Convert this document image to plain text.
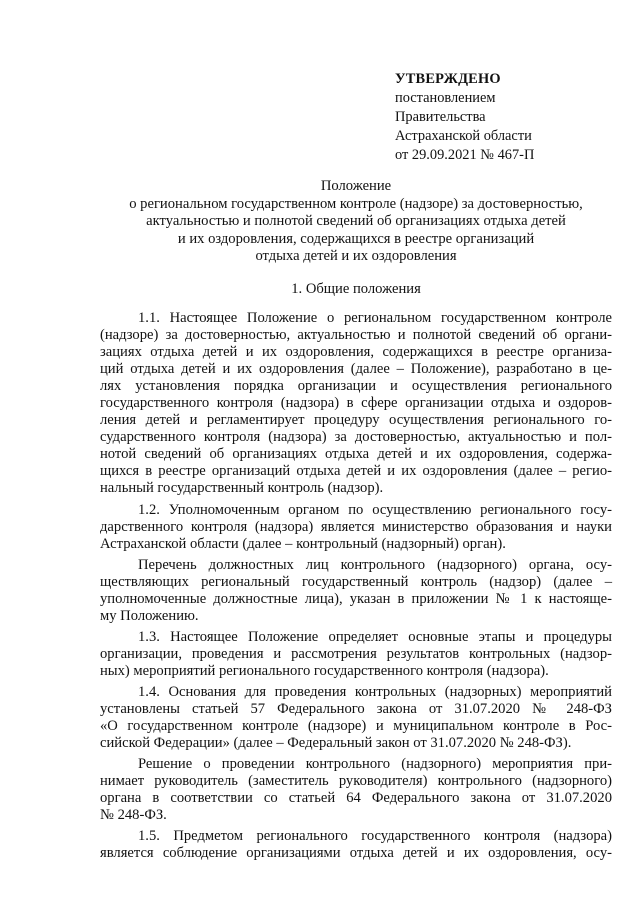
УТВЕРЖДЕНО
постановлением
Правительства
Астраханской области
от 29.09.2021 № 467-П
Положение
о региональном государственном контроле (надзоре) за достоверностью,
актуальностью и полнотой сведений об организациях отдыха детей
и их оздоровления, содержащихся в реестре организаций
отдыха детей и их оздоровления
1. Общие положения
1.1. Настоящее Положение о региональном государственном контроле
(надзоре) за достоверностью, актуальностью и полнотой сведений об органи-
зациях отдыха детей и их оздоровления, содержащихся в реестре организа-
ций отдыха детей и их оздоровления (далее – Положение), разработано в це-
лях установления порядка организации и осуществления регионального
государственного контроля (надзора) в сфере организации отдыха и оздоров-
ления детей и регламентирует процедуру осуществления регионального го-
сударственного контроля (надзора) за достоверностью, актуальностью и пол-
нотой сведений об организациях отдыха детей и их оздоровления, содержа-
щихся в реестре организаций отдыха детей и их оздоровления (далее – регио-
нальный государственный контроль (надзор).
1.2. Уполномоченным органом по осуществлению регионального госу-
дарственного контроля (надзора) является министерство образования и науки
Астраханской области (далее – контрольный (надзорный) орган).
Перечень должностных лиц контрольного (надзорного) органа, осу-
ществляющих региональный государственный контроль (надзор) (далее –
уполномоченные должностные лица), указан в приложении № 1 к настояще-
му Положению.
1.3. Настоящее Положение определяет основные этапы и процедуры
организации, проведения и рассмотрения результатов контрольных (надзор-
ных) мероприятий регионального государственного контроля (надзора).
1.4. Основания для проведения контрольных (надзорных) мероприятий
установлены статьей 57 Федерального закона от 31.07.2020 № 248-ФЗ
«О государственном контроле (надзоре) и муниципальном контроле в Рос-
сийской Федерации» (далее – Федеральный закон от 31.07.2020 № 248-ФЗ).
Решение о проведении контрольного (надзорного) мероприятия при-
нимает руководитель (заместитель руководителя) контрольного (надзорного)
органа в соответствии со статьей 64 Федерального закона от 31.07.2020
№ 248-ФЗ.
1.5. Предметом регионального государственного контроля (надзора)
является соблюдение организациями отдыха детей и их оздоровления, осу-
